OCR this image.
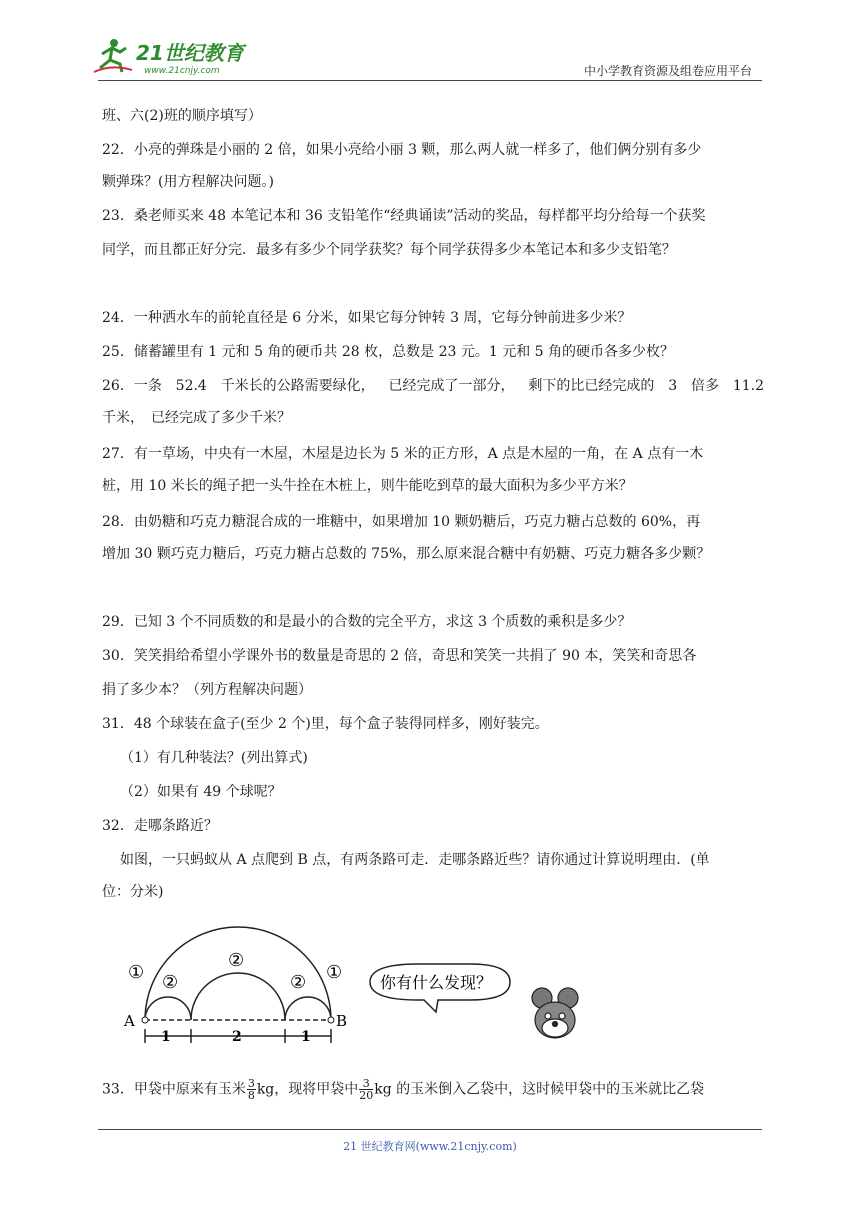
21世纪教育
www.21cnjy.com	中小学教育资源及组卷应用平台
班、六(2)班的顺序填写）
22．小亮的弹珠是小丽的 2 倍，如果小亮给小丽 3 颗，那么两人就一样多了，他们俩分别有多少
颗弹珠？(用方程解决问题。)
23．桑老师买来 48 本笔记本和 36 支铅笔作“经典诵读”活动的奖品，每样都平均分给每一个获奖
同学，而且都正好分完．最多有多少个同学获奖？每个同学获得多少本笔记本和多少支铅笔？
24．一种洒水车的前轮直径是 6 分米，如果它每分钟转 3 周，它每分钟前进多少米？
25．储蓄罐里有 1 元和 5 角的硬币共 28 枚，总数是 23 元。1 元和 5 角的硬币各多少枚？
26．一条 52.4 千米长的公路需要绿化， 已经完成了一部分， 剩下的比已经完成的 3 倍多 11.2
千米，　已经完成了多少千米？
27．有一草场，中央有一木屋，木屋是边长为 5 米的正方形，A 点是木屋的一角，在 A 点有一木
桩，用 10 米长的绳子把一头牛拴在木桩上，则牛能吃到草的最大面积为多少平方米？
28．由奶糖和巧克力糖混合成的一堆糖中，如果增加 10 颗奶糖后，巧克力糖占总数的 60%，再
增加 30 颗巧克力糖后，巧克力糖占总数的 75%，那么原来混合糖中有奶糖、巧克力糖各多少颗？
29．已知 3 个不同质数的和是最小的合数的完全平方，求这 3 个质数的乘积是多少？
30．笑笑捐给希望小学课外书的数量是奇思的 2 倍，奇思和笑笑一共捐了 90 本，笑笑和奇思各
捐了多少本？（列方程解决问题）
31．48 个球装在盒子(至少 2 个)里，每个盒子装得同样多，刚好装完。
（1）有几种装法？(列出算式)
（2）如果有 49 个球呢？
32．走哪条路近？
如图，一只蚂蚁从 A 点爬到 B 点，有两条路可走．走哪条路近些？请你通过计算说明理由．(单
位：分米)
A	B
①	①
②
②
②
1	2	1
你有什么发现？
33．甲袋中原来有玉米 $\frac{3}{8}$ kg，现将甲袋中 $\frac{3}{20}$ kg 的玉米倒入乙袋中，这时候甲袋中的玉米就比乙袋
21 世纪教育网(www.21cnjy.com)
